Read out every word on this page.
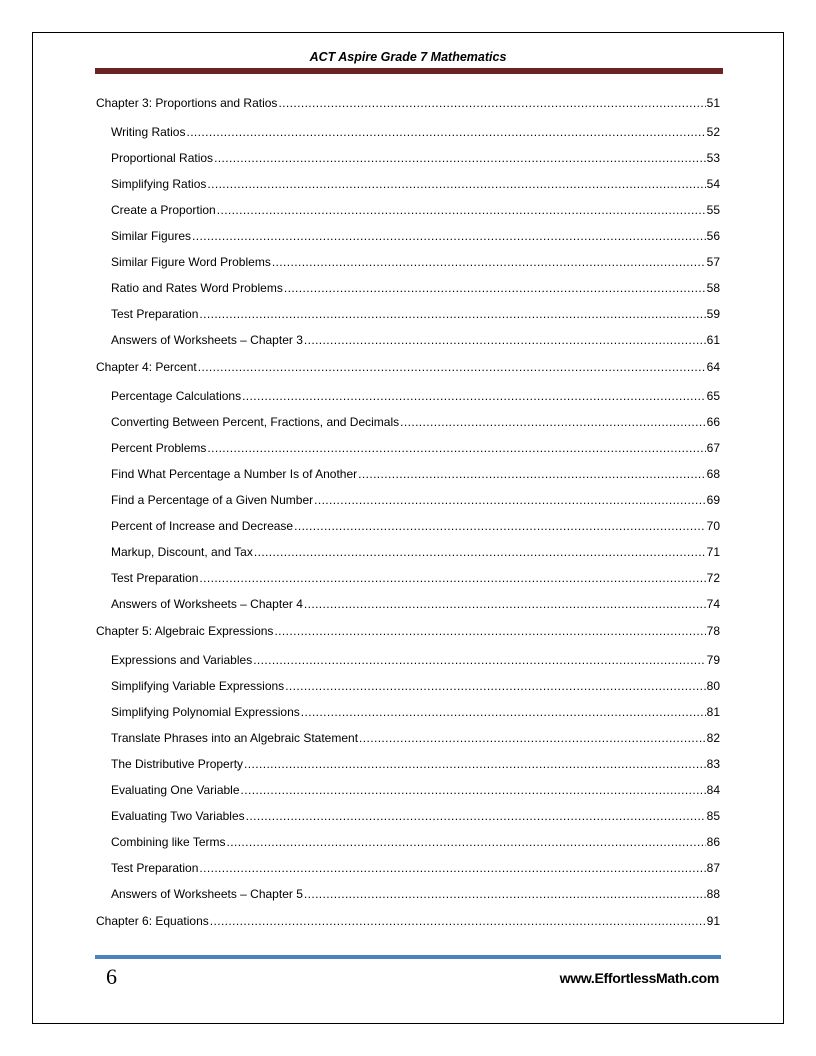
ACT Aspire Grade 7 Mathematics
Chapter 3: Proportions and Ratios .....	51
Writing Ratios .....	52
Proportional Ratios .....	53
Simplifying Ratios .....	54
Create a Proportion .....	55
Similar Figures .....	56
Similar Figure Word Problems .....	57
Ratio and Rates Word Problems .....	58
Test Preparation .....	59
Answers of Worksheets – Chapter 3 .....	61
Chapter 4: Percent .....	64
Percentage Calculations .....	65
Converting Between Percent, Fractions, and Decimals .....	66
Percent Problems .....	67
Find What Percentage a Number Is of Another .....	68
Find a Percentage of a Given Number .....	69
Percent of Increase and Decrease .....	70
Markup, Discount, and Tax .....	71
Test Preparation .....	72
Answers of Worksheets – Chapter 4 .....	74
Chapter 5: Algebraic Expressions .....	78
Expressions and Variables .....	79
Simplifying Variable Expressions .....	80
Simplifying Polynomial Expressions .....	81
Translate Phrases into an Algebraic Statement .....	82
The Distributive Property .....	83
Evaluating One Variable .....	84
Evaluating Two Variables .....	85
Combining like Terms .....	86
Test Preparation .....	87
Answers of Worksheets – Chapter 5 .....	88
Chapter 6: Equations .....	91
6	www.EffortlessMath.com
